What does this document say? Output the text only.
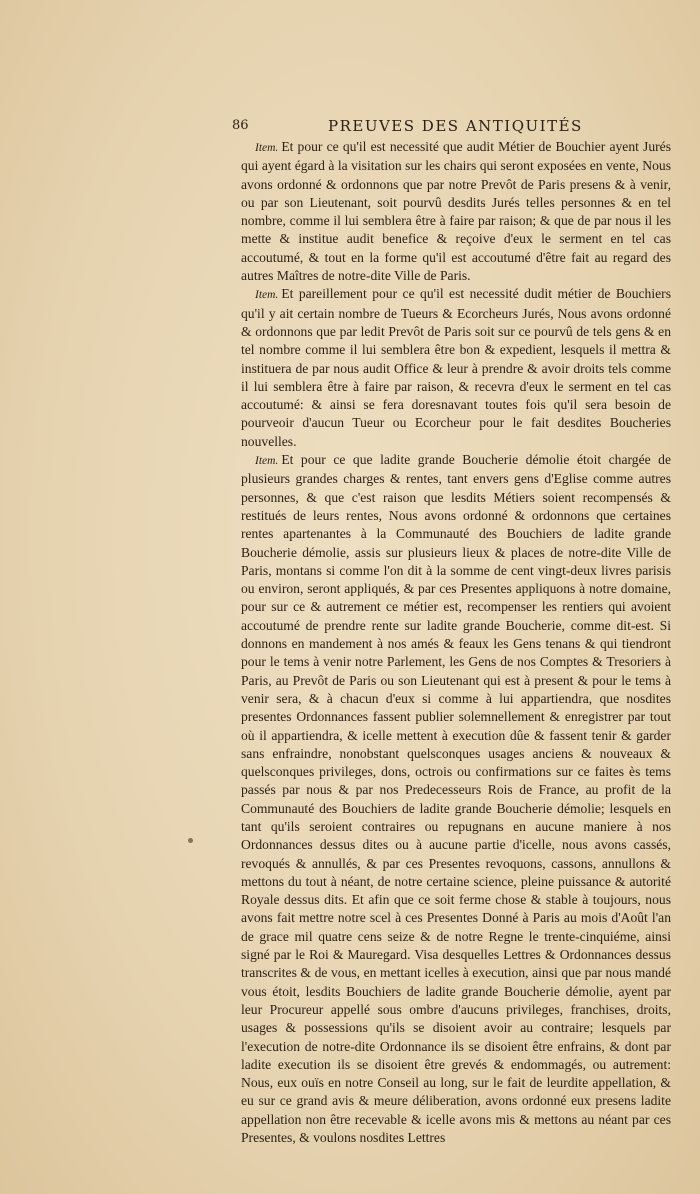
86	PREUVES DES ANTIQUITÉS

Item. Et pour ce qu'il est necessité que audit Métier de Bouchier ayent Jurés qui ayent égard à la visitation sur les chairs qui seront exposées en vente, Nous avons ordonné & ordonnons que par notre Prevôt de Paris presens & à venir, ou par son Lieutenant, soit pourvû desdits Jurés telles personnes & en tel nombre, comme il lui semblera être à faire par raison; & que de par nous il les mette & institue audit benefice & reçoive d'eux le serment en tel cas accoutumé, & tout en la forme qu'il est accoutumé d'être fait au regard des autres Maîtres de notre-dite Ville de Paris.

Item. Et pareillement pour ce qu'il est necessité dudit métier de Bouchiers qu'il y ait certain nombre de Tueurs & Ecorcheurs Jurés, Nous avons ordonné & ordonnons que par ledit Prevôt de Paris soit sur ce pourvû de tels gens & en tel nombre comme il lui semblera être bon & expedient, lesquels il mettra & instituera de par nous audit Office & leur à prendre & avoir droits tels comme il lui semblera être à faire par raison, & recevra d'eux le serment en tel cas accoutumé: & ainsi se fera doresnavant toutes fois qu'il sera besoin de pourveoir d'aucun Tueur ou Ecorcheur pour le fait desdites Boucheries nouvelles.

Item. Et pour ce que ladite grande Boucherie démolie étoit chargée de plusieurs grandes charges & rentes, tant envers gens d'Eglise comme autres personnes, & que c'est raison que lesdits Métiers soient recompensés & restitués de leurs rentes, Nous avons ordonné & ordonnons que certaines rentes apartenantes à la Communauté des Bouchiers de ladite grande Boucherie démolie, assis sur plusieurs lieux & places de notre-dite Ville de Paris, montans si comme l'on dit à la somme de cent vingt-deux livres parisis ou environ, seront appliqués, & par ces Presentes appliquons à notre domaine, pour sur ce & autrement ce métier est, recompenser les rentiers qui avoient accoutumé de prendre rente sur ladite grande Boucherie, comme dit-est. Si donnons en mandement à nos amés & feaux les Gens tenans & qui tiendront pour le tems à venir notre Parlement, les Gens de nos Comptes & Tresoriers à Paris, au Prevôt de Paris ou son Lieutenant qui est à present & pour le tems à venir sera, & à chacun d'eux si comme à lui appartiendra, que nosdites presentes Ordonnances fassent publier solemnellement & enregistrer par tout où il appartiendra, & icelle mettent à execution dûe & fassent tenir & garder sans enfraindre, nonobstant quelsconques usages anciens & nouveaux & quelsconques privileges, dons, octrois ou confirmations sur ce faites ès tems passés par nous & par nos Predecesseurs Rois de France, au profit de la Communauté des Bouchiers de ladite grande Boucherie démolie; lesquels en tant qu'ils seroient contraires ou repugnans en aucune maniere à nos Ordonnances dessus dites ou à aucune partie d'icelle, nous avons cassés, revoqués & annullés, & par ces Presentes revoquons, cassons, annullons & mettons du tout à néant, de notre certaine science, pleine puissance & autorité Royale dessus dits. Et afin que ce soit ferme chose & stable à toujours, nous avons fait mettre notre scel à ces Presentes Donné à Paris au mois d'Août l'an de grace mil quatre cens seize & de notre Regne le trente-cinquiéme, ainsi signé par le Roi & Mauregard. Visa desquelles Lettres & Ordonnances dessus transcrites & de vous, en mettant icelles à execution, ainsi que par nous mandé vous étoit, lesdits Bouchiers de ladite grande Boucherie démolie, ayent par leur Procureur appellé sous ombre d'aucuns privileges, franchises, droits, usages & possessions qu'ils se disoient avoir au contraire; lesquels par l'execution de notre-dite Ordonnance ils se disoient être enfrains, & dont par ladite execution ils se disoient être grevés & endommagés, ou autrement: Nous, eux ouïs en notre Conseil au long, sur le fait de leurdite appellation, & eu sur ce grand avis & meure déliberation, avons ordonné eux presens ladite appellation non être recevable & icelle avons mis & mettons au néant par ces Presentes, & voulons nosdites Lettres
